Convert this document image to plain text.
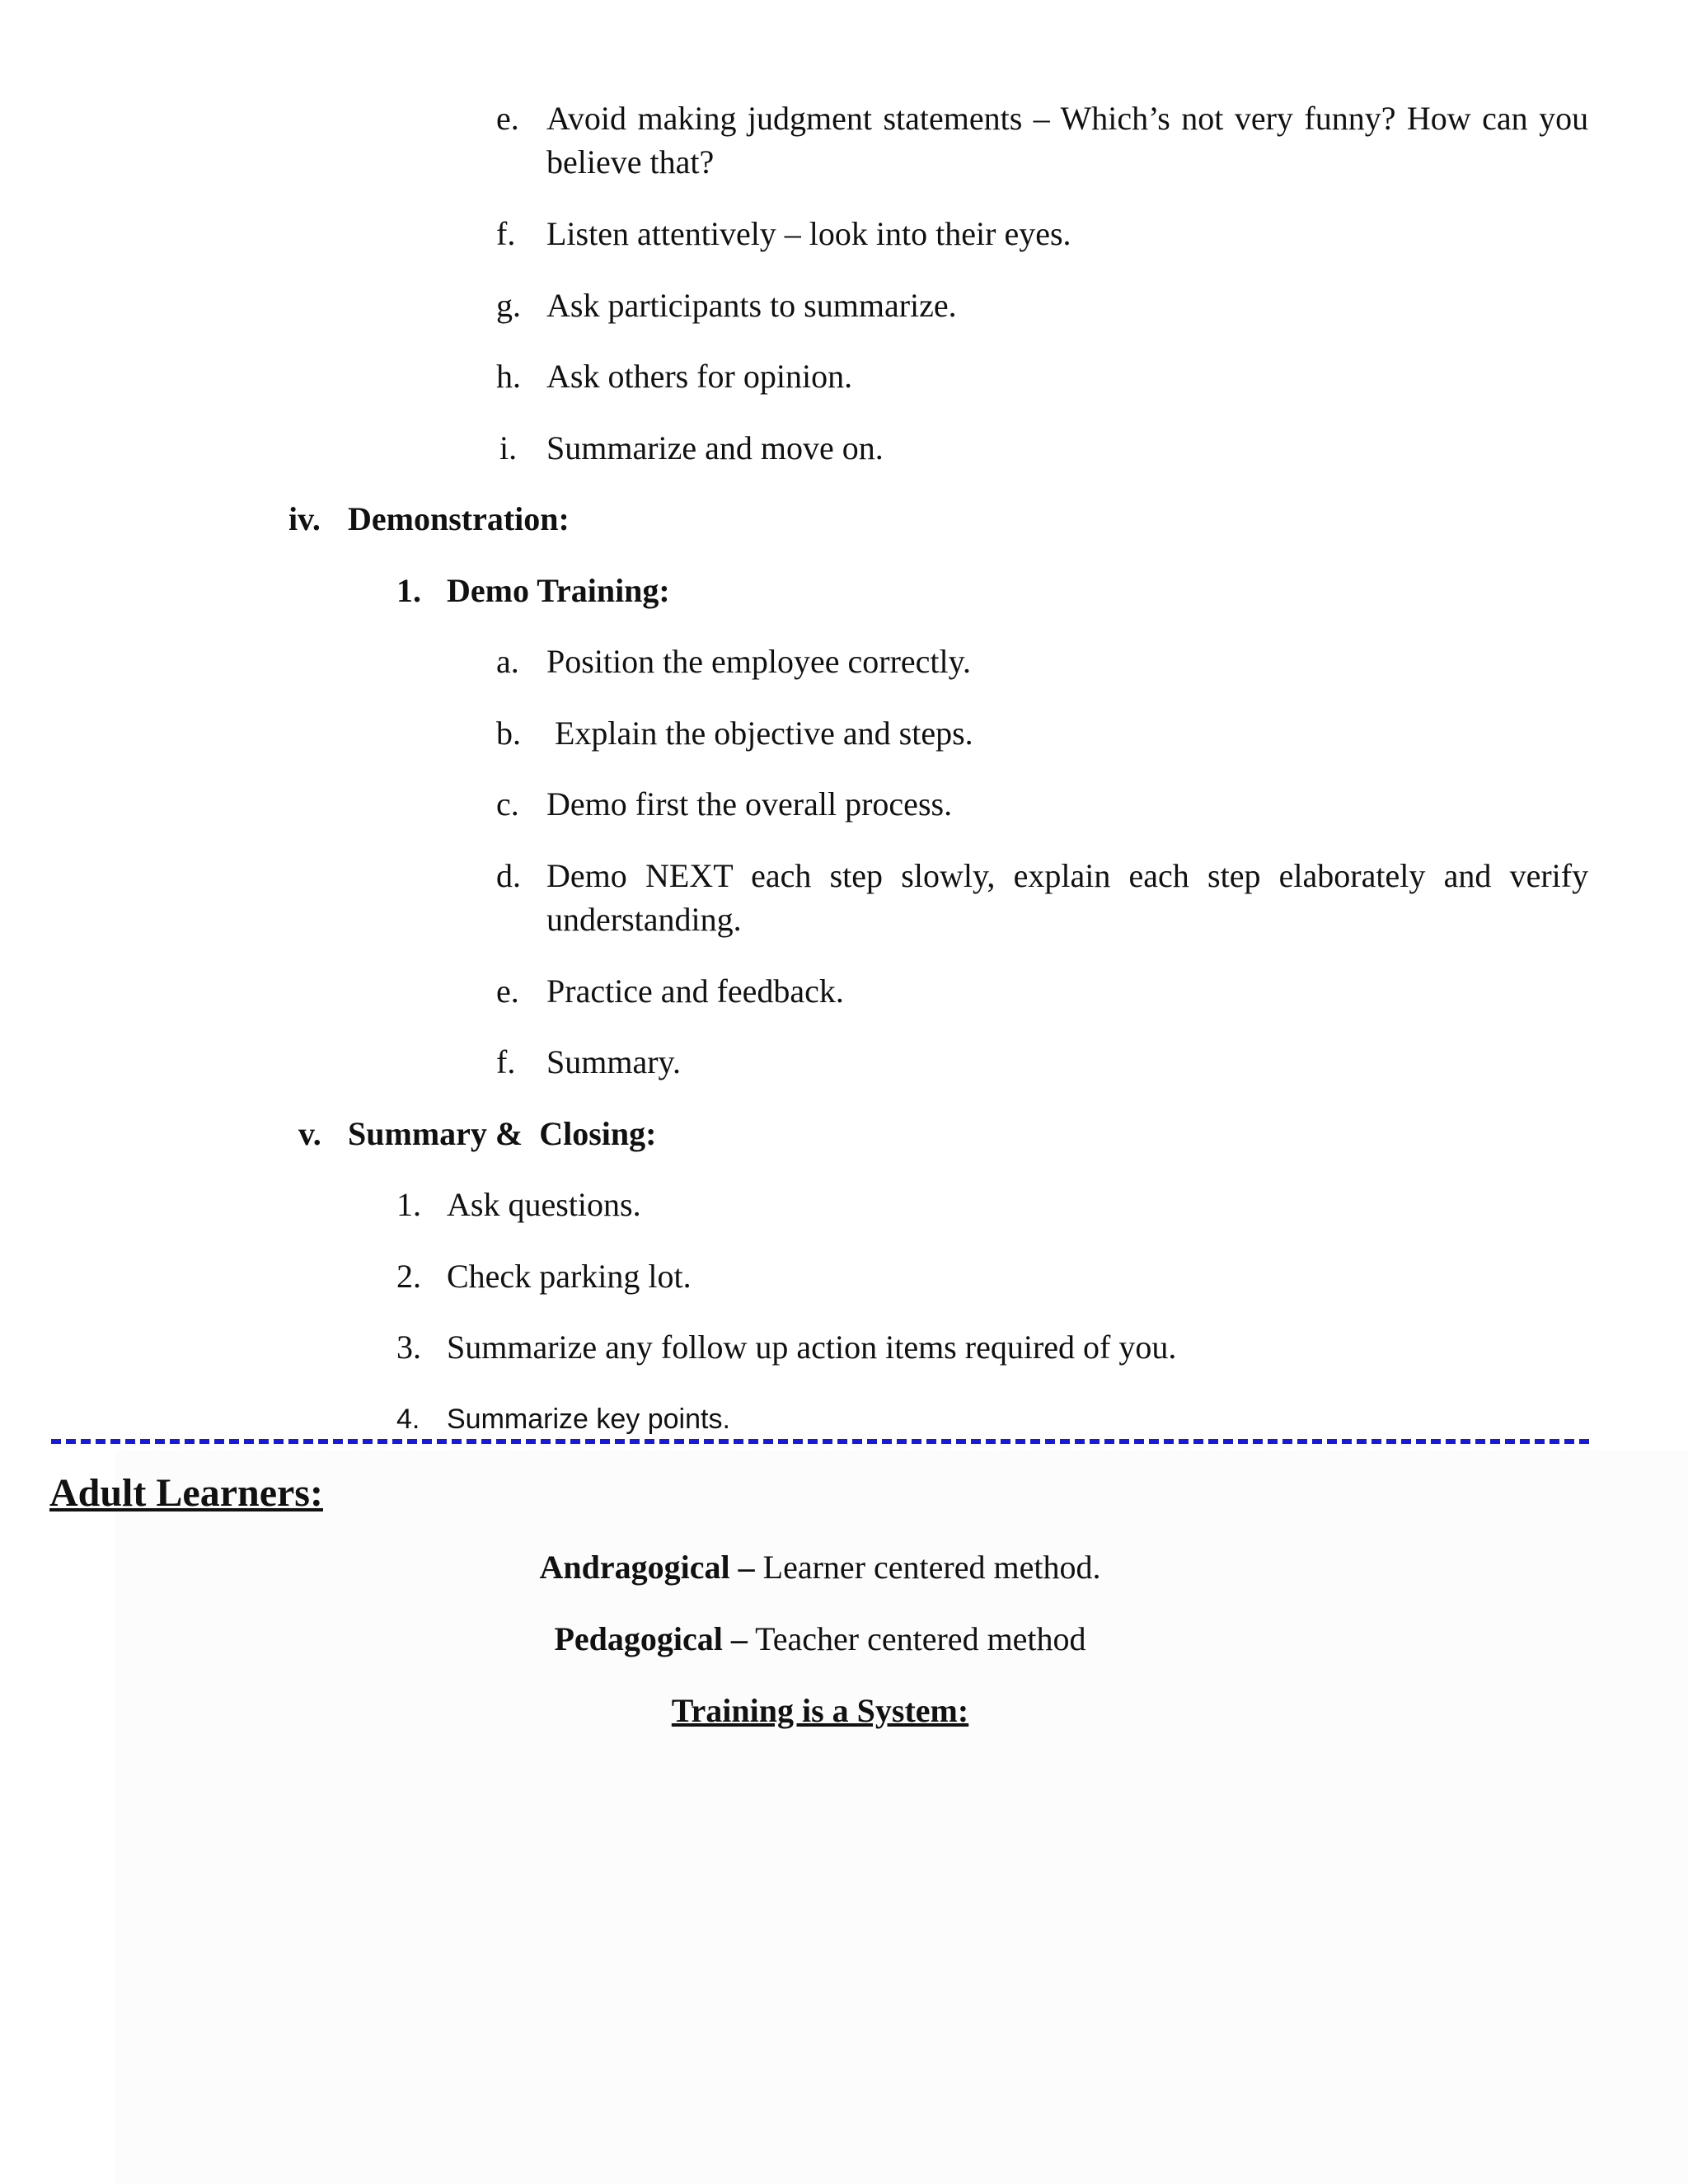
e. Avoid making judgment statements – Which’s not very funny? How can you
believe that?
f. Listen attentively – look into their eyes.
g. Ask participants to summarize.
h. Ask others for opinion.
i. Summarize and move on.
iv. Demonstration:
1. Demo Training:
a. Position the employee correctly.
b. Explain the objective and steps.
c. Demo first the overall process.
d. Demo NEXT each step slowly, explain each step elaborately and verify
understanding.
e. Practice and feedback.
f. Summary.
v. Summary &  Closing:
1. Ask questions.
2. Check parking lot.
3. Summarize any follow up action items required of you.
4. Summarize key points.
Adult Learners:
Andragogical – Learner centered method.
Pedagogical – Teacher centered method
Training is a System:
